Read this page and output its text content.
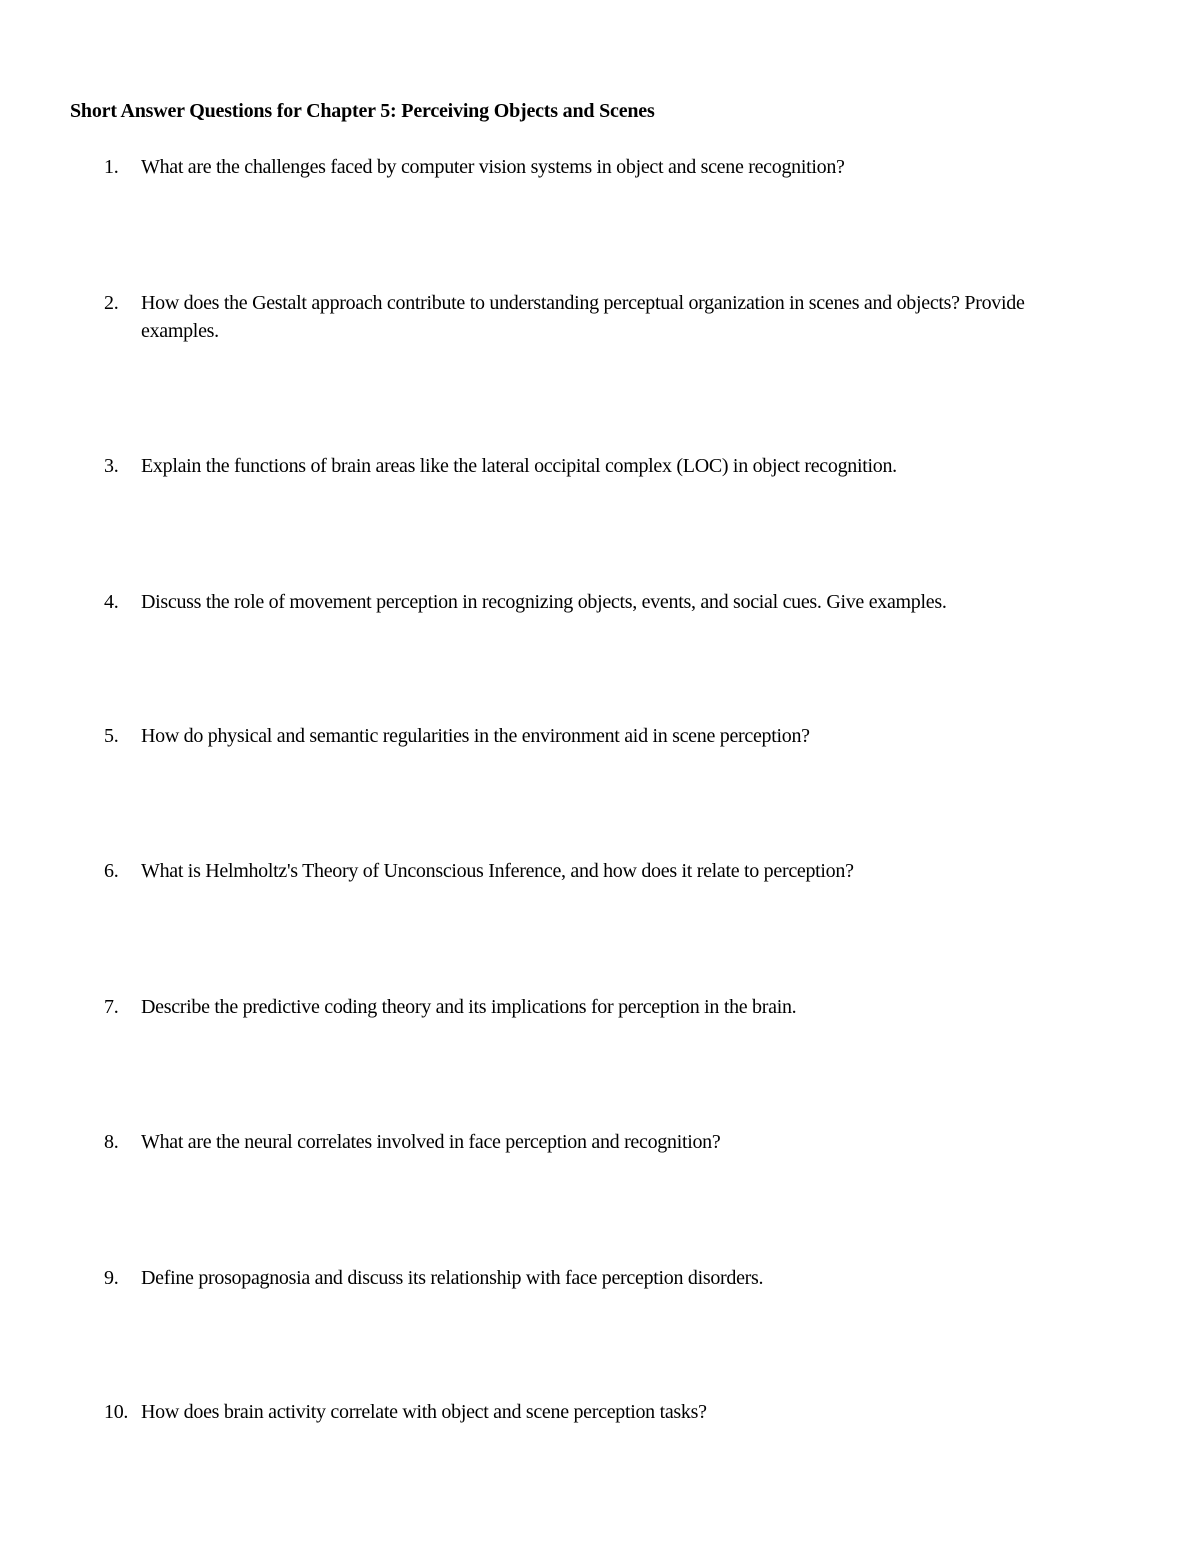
Short Answer Questions for Chapter 5: Perceiving Objects and Scenes
1.	What are the challenges faced by computer vision systems in object and scene recognition?
2.	How does the Gestalt approach contribute to understanding perceptual organization in scenes and objects? Provide examples.
3.	Explain the functions of brain areas like the lateral occipital complex (LOC) in object recognition.
4.	Discuss the role of movement perception in recognizing objects, events, and social cues. Give examples.
5.	How do physical and semantic regularities in the environment aid in scene perception?
6.	What is Helmholtz's Theory of Unconscious Inference, and how does it relate to perception?
7.	Describe the predictive coding theory and its implications for perception in the brain.
8.	What are the neural correlates involved in face perception and recognition?
9.	Define prosopagnosia and discuss its relationship with face perception disorders.
10. How does brain activity correlate with object and scene perception tasks?
